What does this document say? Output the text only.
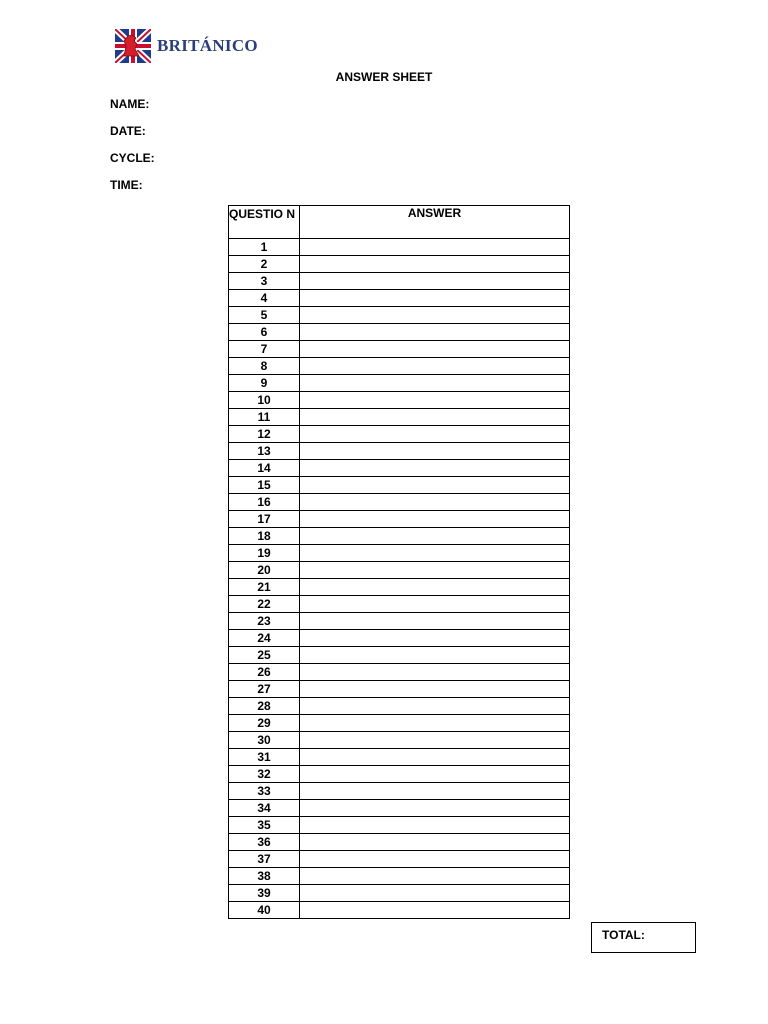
BRITÁNICO
ANSWER SHEET
NAME:
DATE:
CYCLE:
TIME:
QUESTIO N	ANSWER
1	
2	
3	
4	
5	
6	
7	
8	
9	
10	
11	
12	
13	
14	
15	
16	
17	
18	
19	
20	
21	
22	
23	
24	
25	
26	
27	
28	
29	
30	
31	
32	
33	
34	
35	
36	
37	
38	
39	
40	
TOTAL:
